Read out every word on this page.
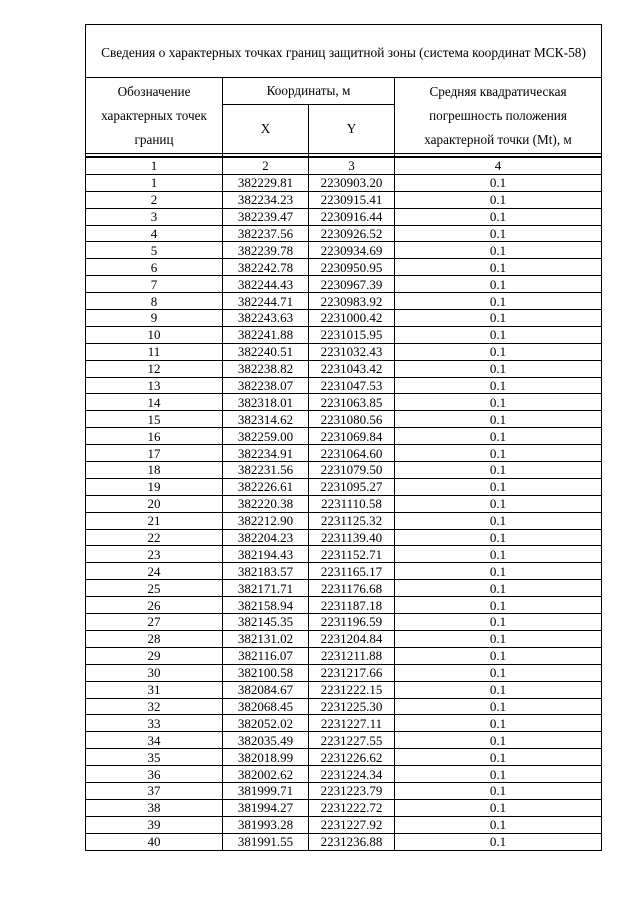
Сведения о характерных точках границ защитной зоны (система координат МСК-58)			
Обозначение характерных точек границ	Координаты, м		Средняя квадратическая погрешность положения характерной точки (Mt), м
	X	Y	

1	2	3	4
1	382229.81	2230903.20	0.1
2	382234.23	2230915.41	0.1
3	382239.47	2230916.44	0.1
4	382237.56	2230926.52	0.1
5	382239.78	2230934.69	0.1
6	382242.78	2230950.95	0.1
7	382244.43	2230967.39	0.1
8	382244.71	2230983.92	0.1
9	382243.63	2231000.42	0.1
10	382241.88	2231015.95	0.1
11	382240.51	2231032.43	0.1
12	382238.82	2231043.42	0.1
13	382238.07	2231047.53	0.1
14	382318.01	2231063.85	0.1
15	382314.62	2231080.56	0.1
16	382259.00	2231069.84	0.1
17	382234.91	2231064.60	0.1
18	382231.56	2231079.50	0.1
19	382226.61	2231095.27	0.1
20	382220.38	2231110.58	0.1
21	382212.90	2231125.32	0.1
22	382204.23	2231139.40	0.1
23	382194.43	2231152.71	0.1
24	382183.57	2231165.17	0.1
25	382171.71	2231176.68	0.1
26	382158.94	2231187.18	0.1
27	382145.35	2231196.59	0.1
28	382131.02	2231204.84	0.1
29	382116.07	2231211.88	0.1
30	382100.58	2231217.66	0.1
31	382084.67	2231222.15	0.1
32	382068.45	2231225.30	0.1
33	382052.02	2231227.11	0.1
34	382035.49	2231227.55	0.1
35	382018.99	2231226.62	0.1
36	382002.62	2231224.34	0.1
37	381999.71	2231223.79	0.1
38	381994.27	2231222.72	0.1
39	381993.28	2231227.92	0.1
40	381991.55	2231236.88	0.1
